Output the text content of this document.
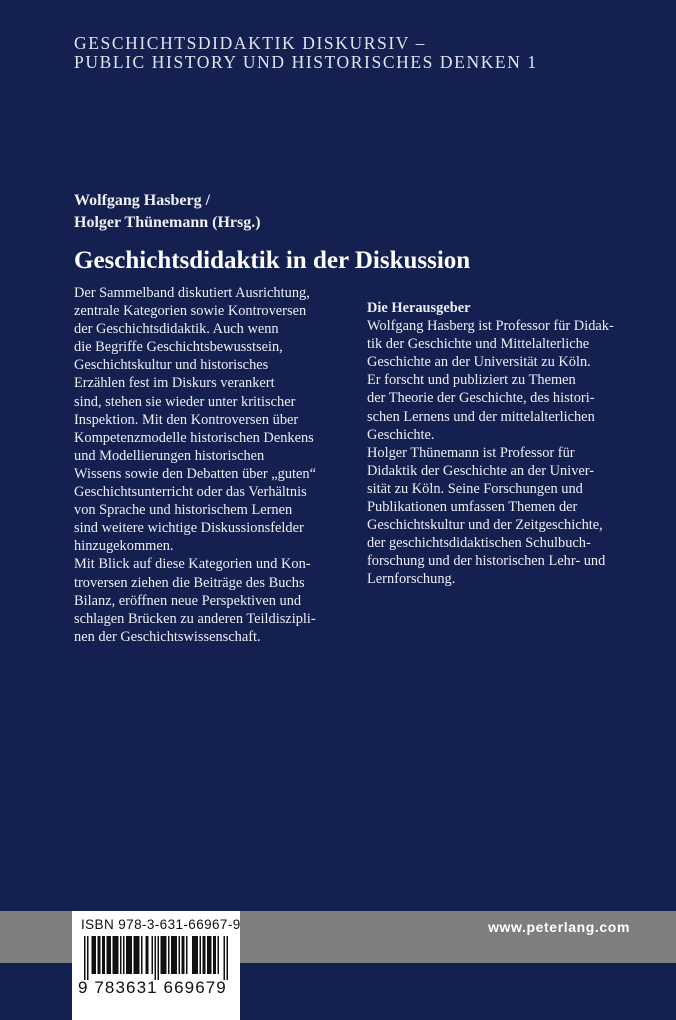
GESCHICHTSDIDAKTIK DISKURSIV –
PUBLIC HISTORY UND HISTORISCHES DENKEN 1
Wolfgang Hasberg /
Holger Thünemann (Hrsg.)
Geschichtsdidaktik in der Diskussion
Der Sammelband diskutiert Ausrichtung,
zentrale Kategorien sowie Kontroversen
der Geschichtsdidaktik. Auch wenn
die Begriffe Geschichtsbewusstsein,
Geschichtskultur und historisches
Erzählen fest im Diskurs verankert
sind, stehen sie wieder unter kritischer
Inspektion. Mit den Kontroversen über
Kompetenzmodelle historischen Denkens
und Modellierungen historischen
Wissens sowie den Debatten über „guten“
Geschichtsunterricht oder das Verhältnis
von Sprache und historischem Lernen
sind weitere wichtige Diskussionsfelder
hinzugekommen.
Mit Blick auf diese Kategorien und Kon-
troversen ziehen die Beiträge des Buchs
Bilanz, eröffnen neue Perspektiven und
schlagen Brücken zu anderen Teildiszipli-
nen der Geschichtswissenschaft.
Die Herausgeber
Wolfgang Hasberg ist Professor für Didak-
tik der Geschichte und Mittelalterliche
Geschichte an der Universität zu Köln.
Er forscht und publiziert zu Themen
der Theorie der Geschichte, des histori-
schen Lernens und der mittelalterlichen
Geschichte.
Holger Thünemann ist Professor für
Didaktik der Geschichte an der Univer-
sität zu Köln. Seine Forschungen und
Publikationen umfassen Themen der
Geschichtskultur und der Zeitgeschichte,
der geschichtsdidaktischen Schulbuch-
forschung und der historischen Lehr- und
Lernforschung.
www.peterlang.com
ISBN 978-3-631-66967-9
9 783631 669679
